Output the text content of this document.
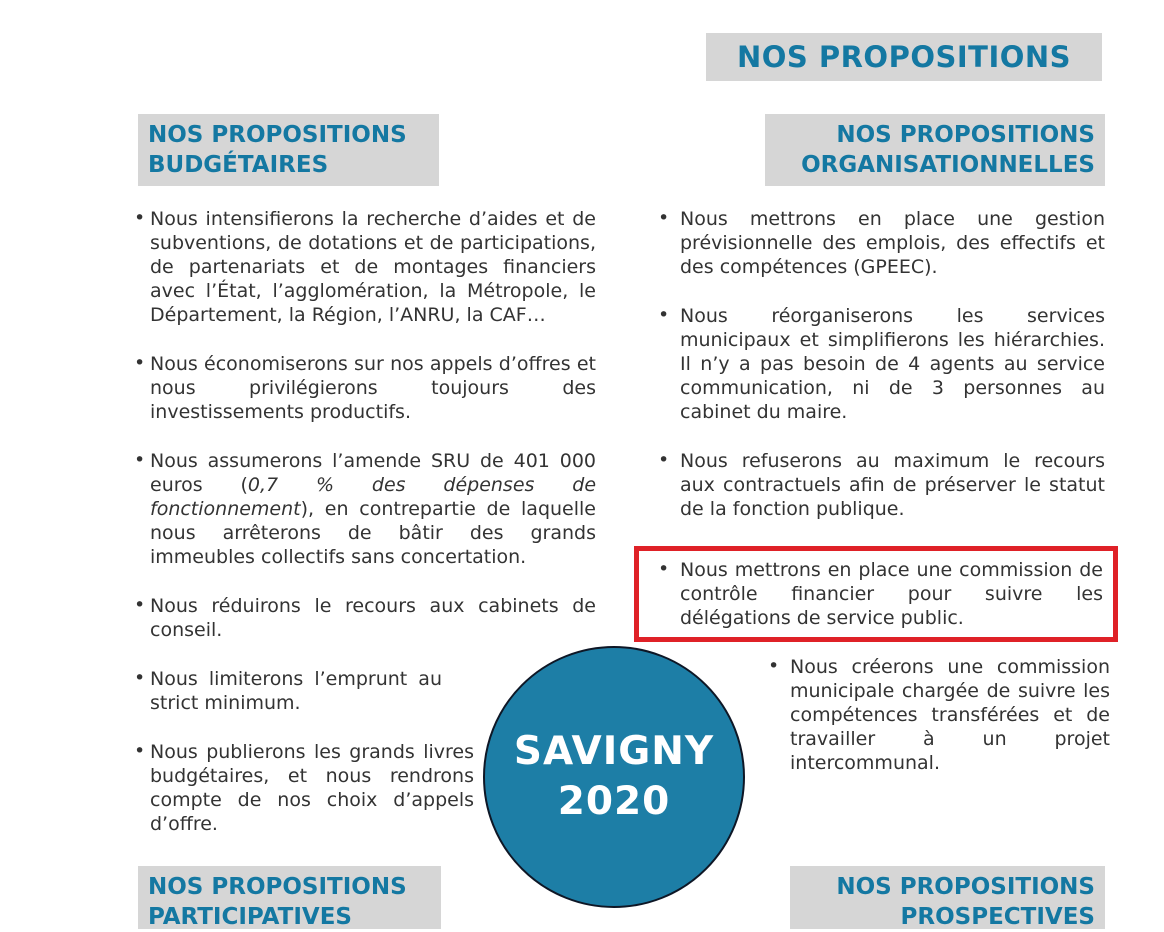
NOS PROPOSITIONS
NOS PROPOSITIONS BUDGÉTAIRES
NOS PROPOSITIONS ORGANISATIONNELLES
• Nous intensifierons la recherche d’aides et de subventions, de dotations et de participations, de partenariats et de montages financiers avec l’État, l’agglomération, la Métropole, le Département, la Région, l’ANRU, la CAF…
• Nous économiserons sur nos appels d’offres et nous privilégierons toujours des investissements productifs.
• Nous assumerons l’amende SRU de 401 000 euros (0,7 % des dépenses de fonctionnement), en contrepartie de laquelle nous arrêterons de bâtir des grands immeubles collectifs sans concertation.
• Nous réduirons le recours aux cabinets de conseil.
• Nous limiterons l’emprunt au strict minimum.
• Nous publierons les grands livres budgétaires, et nous rendrons compte de nos choix d’appels d’offre.
• Nous mettrons en place une gestion prévisionnelle des emplois, des effectifs et des compétences (GPEEC).
• Nous réorganiserons les services municipaux et simplifierons les hiérarchies. Il n’y a pas besoin de 4 agents au service communication, ni de 3 personnes au cabinet du maire.
• Nous refuserons au maximum le recours aux contractuels afin de préserver le statut de la fonction publique.
• Nous mettrons en place une commission de contrôle financier pour suivre les délégations de service public.
• Nous créerons une commission municipale chargée de suivre les compétences transférées et de travailler à un projet intercommunal.
SAVIGNY
2020
NOS PROPOSITIONS PARTICIPATIVES
NOS PROPOSITIONS PROSPECTIVES
